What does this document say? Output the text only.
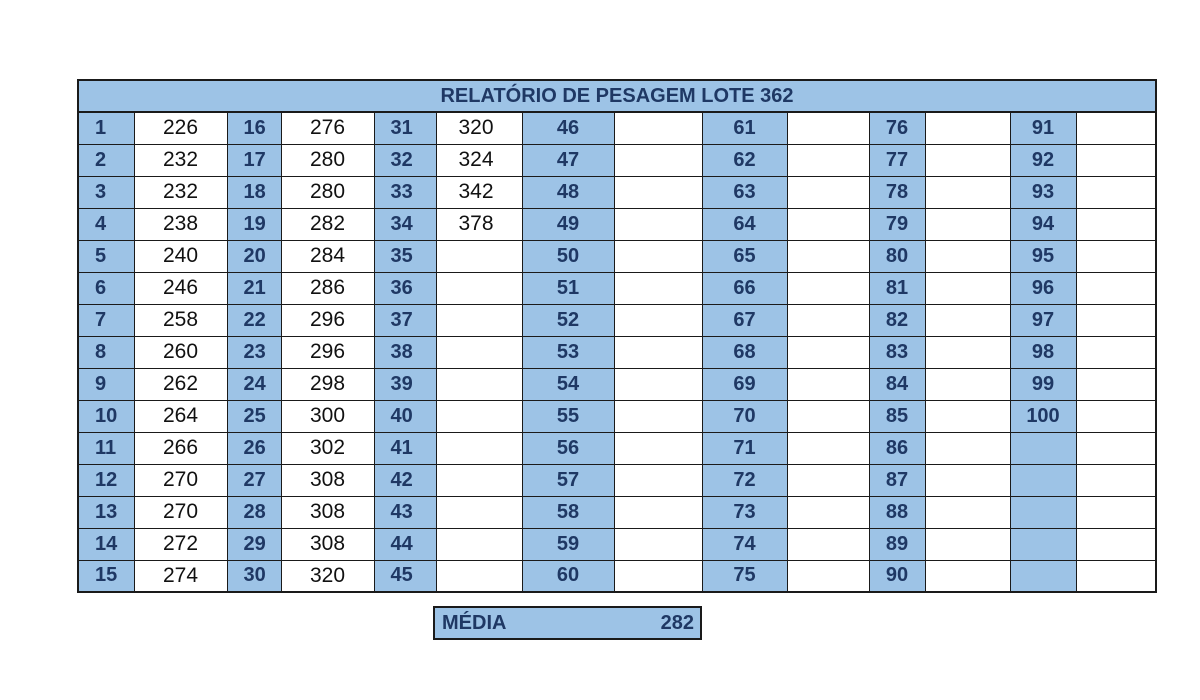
RELATÓRIO DE PESAGEM LOTE 362													
1	226	16	276	31	320	46		61		76		91	
2	232	17	280	32	324	47		62		77		92	
3	232	18	280	33	342	48		63		78		93	
4	238	19	282	34	378	49		64		79		94	
5	240	20	284	35		50		65		80		95	
6	246	21	286	36		51		66		81		96	
7	258	22	296	37		52		67		82		97	
8	260	23	296	38		53		68		83		98	
9	262	24	298	39		54		69		84		99	
10	264	25	300	40		55		70		85		100	
11	266	26	302	41		56		71		86			
12	270	27	308	42		57		72		87			
13	270	28	308	43		58		73		88			
14	272	29	308	44		59		74		89			
15	274	30	320	45		60		75		90			
MÉDIA	282
